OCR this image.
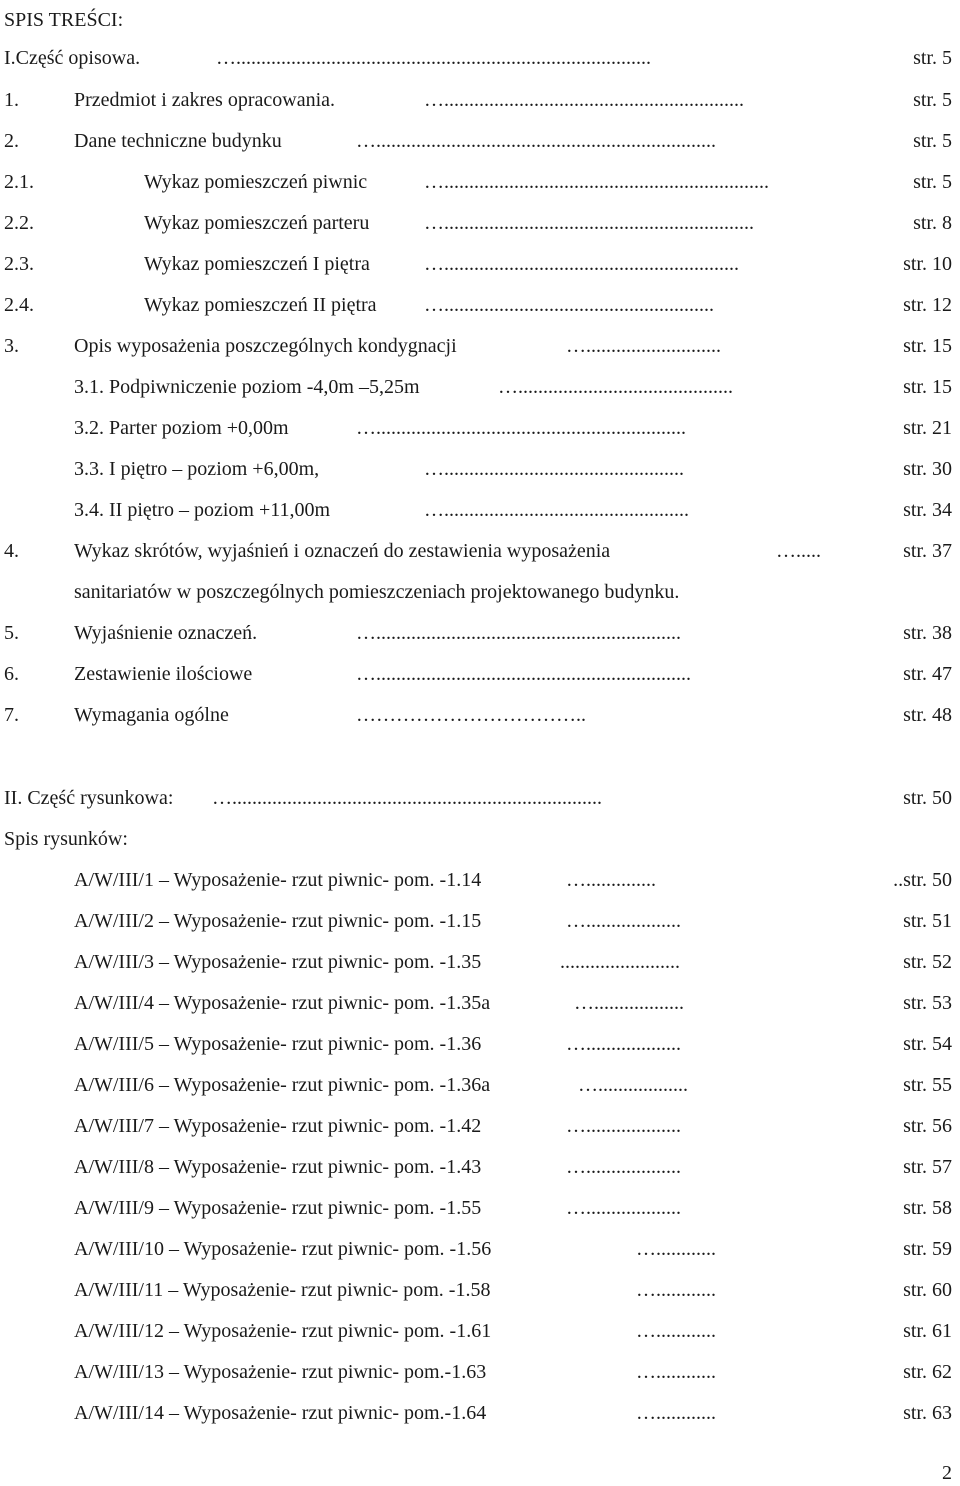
SPIS TREŚCI:
I.Część opisowa.	…...................................................................................	str. 5
1.	Przedmiot i zakres opracowania.	…............................................................	str. 5
2.	Dane techniczne budynku	…....................................................................	str. 5
2.1.	Wykaz pomieszczeń piwnic	….................................................................	str. 5
2.2.	Wykaz pomieszczeń parteru	…..............................................................	str. 8
2.3.	Wykaz pomieszczeń I piętra	…...........................................................	str. 10
2.4.	Wykaz pomieszczeń II piętra …......................................................	str. 12
3.	Opis wyposażenia poszczególnych kondygnacji	…...........................	str. 15
3.1. Podpiwniczenie poziom -4,0m –5,25m	…...........................................	str. 15
3.2. Parter poziom +0,00m	…..............................................................	str. 21
3.3. I piętro – poziom +6,00m,	…................................................	str. 30
3.4. II piętro – poziom +11,00m	….................................................	str. 34
4.	Wykaz skrótów, wyjaśnień i oznaczeń do zestawienia wyposażenia	….....	str. 37
sanitariatów w poszczególnych pomieszczeniach projektowanego budynku.
5.	Wyjaśnienie oznaczeń.	….............................................................	str. 38
6.	Zestawienie ilościowe	…...............................................................	str. 47
7.	Wymagania ogólne	……………………………..	str. 48
II. Część rysunkowa: …..........................................................................	str. 50
Spis rysunków:
A/W/III/1 – Wyposażenie- rzut piwnic- pom. -1.14	…..............	..str. 50
A/W/III/2 – Wyposażenie- rzut piwnic- pom. -1.15	…...................	str. 51
A/W/III/3 – Wyposażenie- rzut piwnic- pom. -1.35	........................	str. 52
A/W/III/4 – Wyposażenie- rzut piwnic- pom. -1.35a	…..................	str. 53
A/W/III/5 – Wyposażenie- rzut piwnic- pom. -1.36	…...................	str. 54
A/W/III/6 – Wyposażenie- rzut piwnic- pom. -1.36a	…..................	str. 55
A/W/III/7 – Wyposażenie- rzut piwnic- pom. -1.42	…...................	str. 56
A/W/III/8 – Wyposażenie- rzut piwnic- pom. -1.43	…...................	str. 57
A/W/III/9 – Wyposażenie- rzut piwnic- pom. -1.55	…...................	str. 58
A/W/III/10 – Wyposażenie- rzut piwnic- pom. -1.56	…............	str. 59
A/W/III/11 – Wyposażenie- rzut piwnic- pom. -1.58	…............	str. 60
A/W/III/12 – Wyposażenie- rzut piwnic- pom. -1.61	…............	str. 61
A/W/III/13 – Wyposażenie- rzut piwnic- pom.-1.63	…............	str. 62
A/W/III/14 – Wyposażenie- rzut piwnic- pom.-1.64	…............	str. 63
2
